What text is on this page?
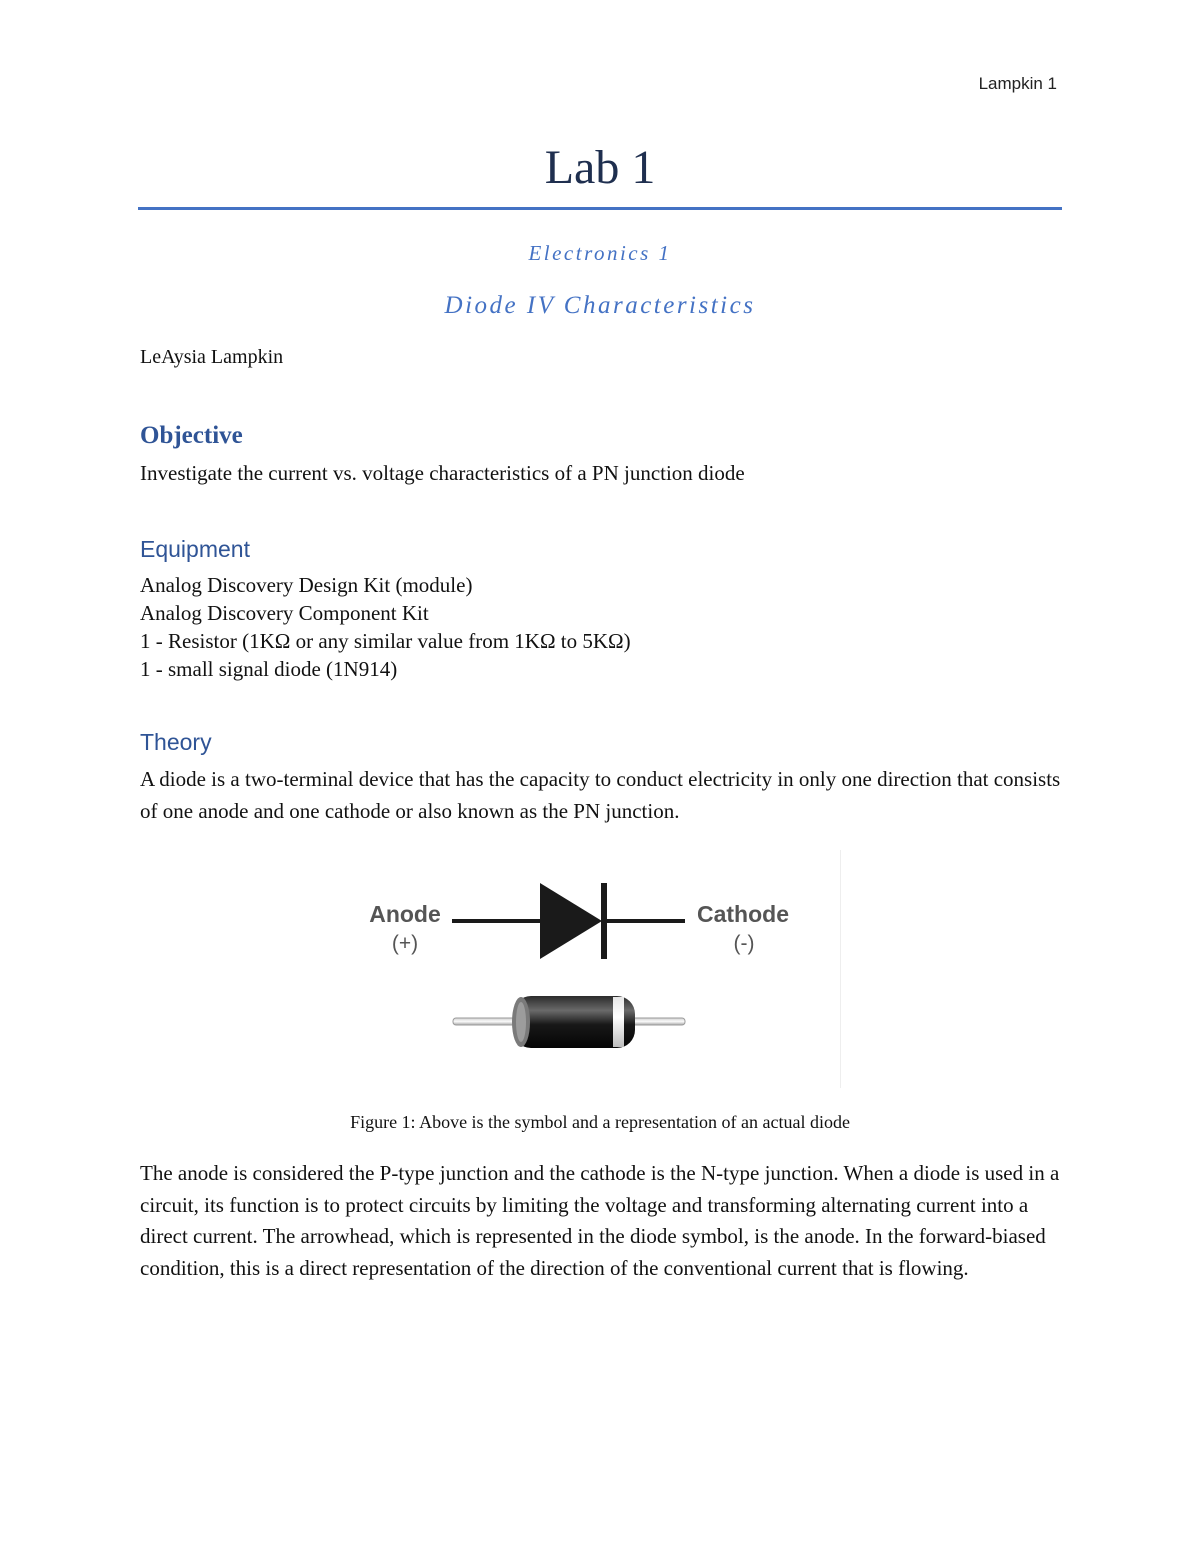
Lampkin 1
Lab 1
Electronics 1
Diode IV Characteristics
LeAysia Lampkin
Objective
Investigate the current vs. voltage characteristics of a PN junction diode
Equipment
Analog Discovery Design Kit (module)
Analog Discovery Component Kit
1 - Resistor (1KΩ or any similar value from 1KΩ to 5KΩ)
1 - small signal diode (1N914)
Theory
A diode is a two-terminal device that has the capacity to conduct electricity in only one direction that consists of one anode and one cathode or also known as the PN junction.
Anode
(+)
Cathode
(-)
Figure 1: Above is the symbol and a representation of an actual diode
The anode is considered the P-type junction and the cathode is the N-type junction. When a diode is used in a circuit, its function is to protect circuits by limiting the voltage and transforming alternating current into a direct current. The arrowhead, which is represented in the diode symbol, is the anode. In the forward-biased condition, this is a direct representation of the direction of the conventional current that is flowing.
